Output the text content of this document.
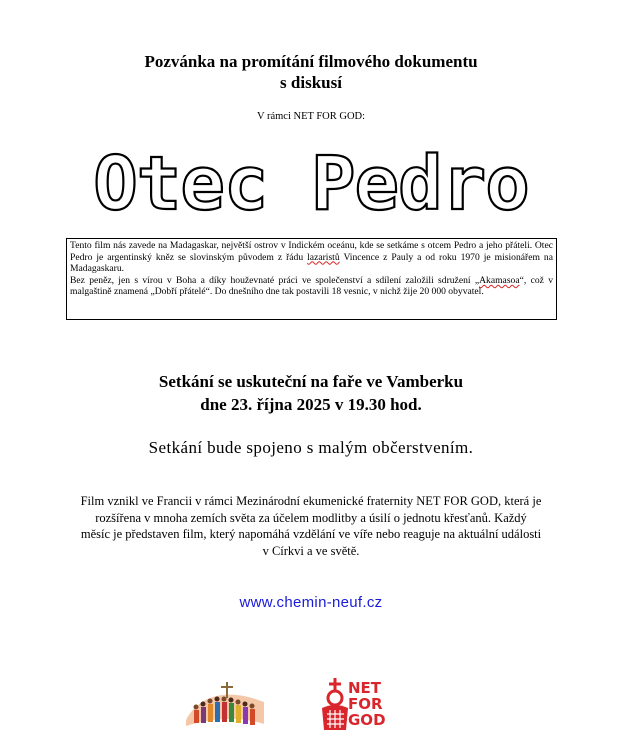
Pozvánka na promítání filmového dokumentu
s diskusí
V rámci NET FOR GOD:
Otec Pedro

Tento film nás zavede na Madagaskar, největší ostrov v Indickém oceánu, kde se setkáme s otcem Pedro a jeho přáteli. Otec Pedro je argentinský kněz se slovinským původem z řádu lazaristů Vincence z Pauly a od roku 1970 je misionářem na Madagaskaru.

Bez peněz, jen s vírou v Boha a díky houževnaté práci ve společenství a sdílení založili sdružení „Akamasoa“, což v malgaštině znamená „Dobří přátelé“. Do dnešního dne tak postavili 18 vesnic, v nichž žije 20 000 obyvatel.

Setkání se uskuteční na faře ve Vamberku
dne 23. října 2025 v 19.30 hod.
Setkání bude spojeno s malým občerstvením.
Film vznikl ve Francii v rámci Mezinárodní ekumenické fraternity NET FOR GOD, která je rozšířena v mnoha zemích světa za účelem modlitby a úsilí o jednotu křesťanů. Každý měsíc je představen film, který napomáhá vzdělání ve víře nebo reaguje na aktuální události v Církvi a ve světě.
www.chemin-neuf.cz
NET
FOR
GOD
